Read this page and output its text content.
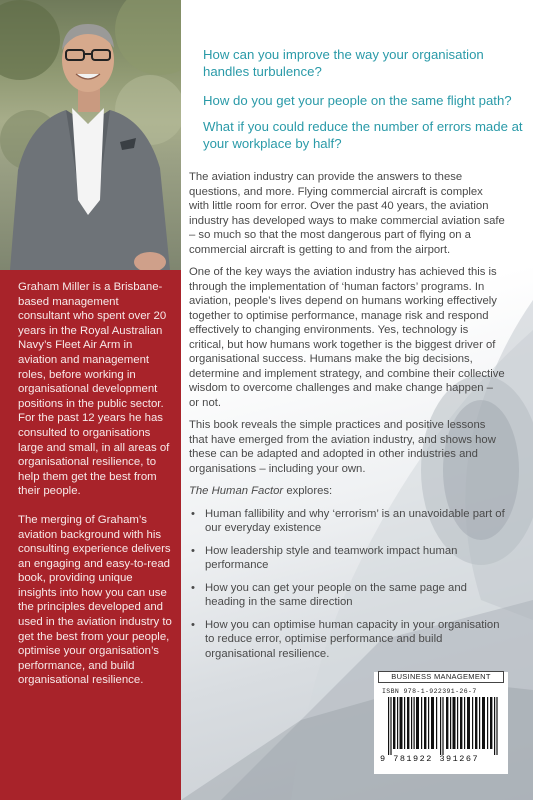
Graham Miller is a Brisbane-based management consultant who spent over 20 years in the Royal Australian Navy’s Fleet Air Arm in aviation and management roles, before working in organisational development positions in the public sector. For the past 12 years he has consulted to organisations large and small, in all areas of organisational resilience, to help them get the best from their people.

The merging of Graham’s aviation background with his consulting experience delivers an engaging and easy-to-read book, providing unique insights into how you can use the principles developed and used in the aviation industry to get the best from your people, optimise your organisation’s performance, and build organisational resilience.

How can you improve the way your organisation handles turbulence?

How do you get your people on the same flight path?

What if you could reduce the number of errors made at your workplace by half?

The aviation industry can provide the answers to these questions, and more. Flying commercial aircraft is complex with little room for error. Over the past 40 years, the aviation industry has developed ways to make commercial aviation safe – so much so that the most dangerous part of flying on a commercial aircraft is getting to and from the airport.

One of the key ways the aviation industry has achieved this is through the implementation of ‘human factors’ programs. In aviation, people’s lives depend on humans working effectively together to optimise performance, manage risk and respond effectively to changing environments. Yes, technology is critical, but how humans work together is the biggest driver of organisational success. Humans make the big decisions, determine and implement strategy, and combine their collective wisdom to overcome challenges and make change happen – or not.

This book reveals the simple practices and positive lessons that have emerged from the aviation industry, and shows how these can be adapted and adopted in other industries and organisations – including your own.

The Human Factor explores:

• Human fallibility and why ‘errorism’ is an unavoidable part of our everyday existence
• How leadership style and teamwork impact human performance
• How you can get your people on the same page and heading in the same direction
• How you can optimise human capacity in your organisation to reduce error, optimise performance and build organisational resilience.
BUSINESS MANAGEMENT
ISBN 978-1-922391-26-7
9 781922 391267
